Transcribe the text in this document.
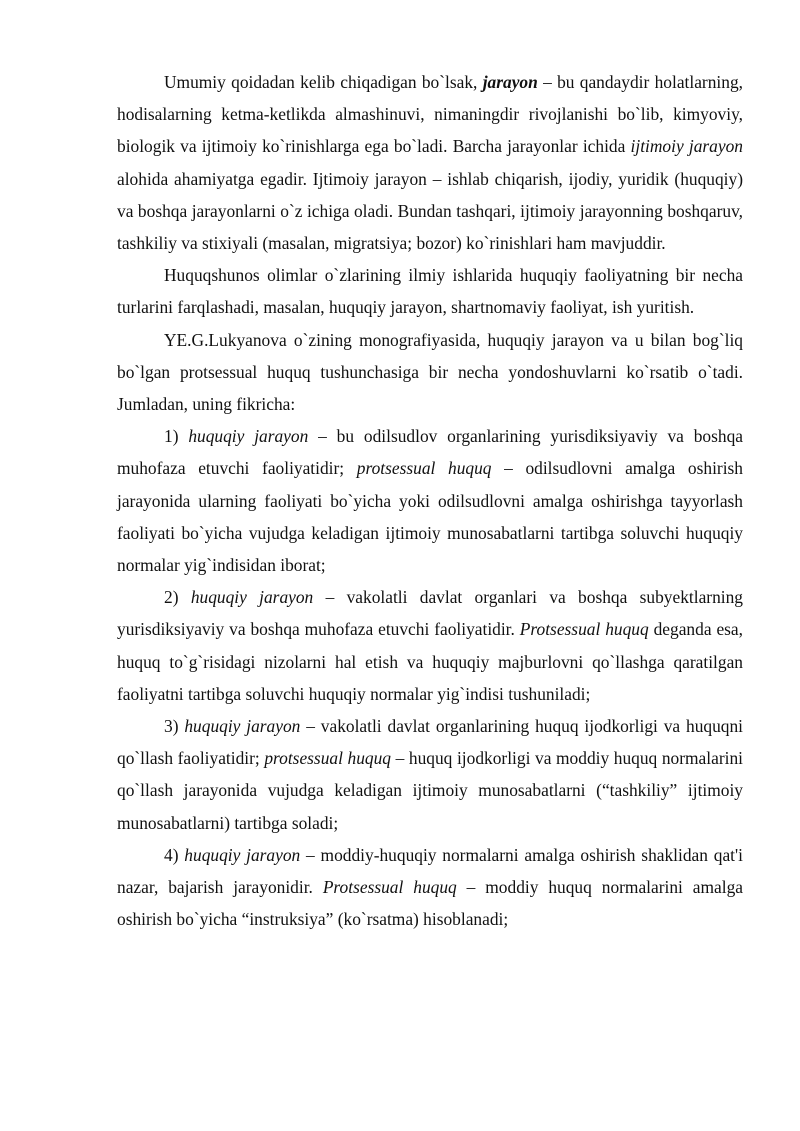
Umumiy qoidadan kelib chiqadigan bo`lsak, jarayon – bu qandaydir holatlarning, hodisalarning ketma-ketlikda almashinuvi, nimaningdir rivojlanishi bo`lib, kimyoviy, biologik va ijtimoiy ko`rinishlarga ega bo`ladi. Barcha jarayonlar ichida ijtimoiy jarayon alohida ahamiyatga egadir. Ijtimoiy jarayon – ishlab chiqarish, ijodiy, yuridik (huquqiy) va boshqa jarayonlarni o`z ichiga oladi. Bundan tashqari, ijtimoiy jarayonning boshqaruv, tashkiliy va stixiyali (masalan, migratsiya; bozor) ko`rinishlari ham mavjuddir.

Huquqshunos olimlar o`zlarining ilmiy ishlarida huquqiy faoliyatning bir necha turlarini farqlashadi, masalan, huquqiy jarayon, shartnomaviy faoliyat, ish yuritish.

YE.G.Lukyanova o`zining monografiyasida, huquqiy jarayon va u bilan bog`liq bo`lgan protsessual huquq tushunchasiga bir necha yondoshuvlarni ko`rsatib o`tadi. Jumladan, uning fikricha:

1) huquqiy jarayon – bu odilsudlov organlarining yurisdiksiyaviy va boshqa muhofaza etuvchi faoliyatidir; protsessual huquq – odilsudlovni amalga oshirish jarayonida ularning faoliyati bo`yicha yoki odilsudlovni amalga oshirishga tayyorlash faoliyati bo`yicha vujudga keladigan ijtimoiy munosabatlarni tartibga soluvchi huquqiy normalar yig`indisidan iborat;

2) huquqiy jarayon – vakolatli davlat organlari va boshqa subyektlarning yurisdiksiyaviy va boshqa muhofaza etuvchi faoliyatidir. Protsessual huquq deganda esa, huquq to`g`risidagi nizolarni hal etish va huquqiy majburlovni qo`llashga qaratilgan faoliyatni tartibga soluvchi huquqiy normalar yig`indisi tushuniladi;

3) huquqiy jarayon – vakolatli davlat organlarining huquq ijodkorligi va huquqni qo`llash faoliyatidir; protsessual huquq – huquq ijodkorligi va moddiy huquq normalarini qo`llash jarayonida vujudga keladigan ijtimoiy munosabatlarni (“tashkiliy” ijtimoiy munosabatlarni) tartibga soladi;

4) huquqiy jarayon – moddiy-huquqiy normalarni amalga oshirish shaklidan qat'i nazar, bajarish jarayonidir. Protsessual huquq – moddiy huquq normalarini amalga oshirish bo`yicha “instruksiya” (ko`rsatma) hisoblanadi;
